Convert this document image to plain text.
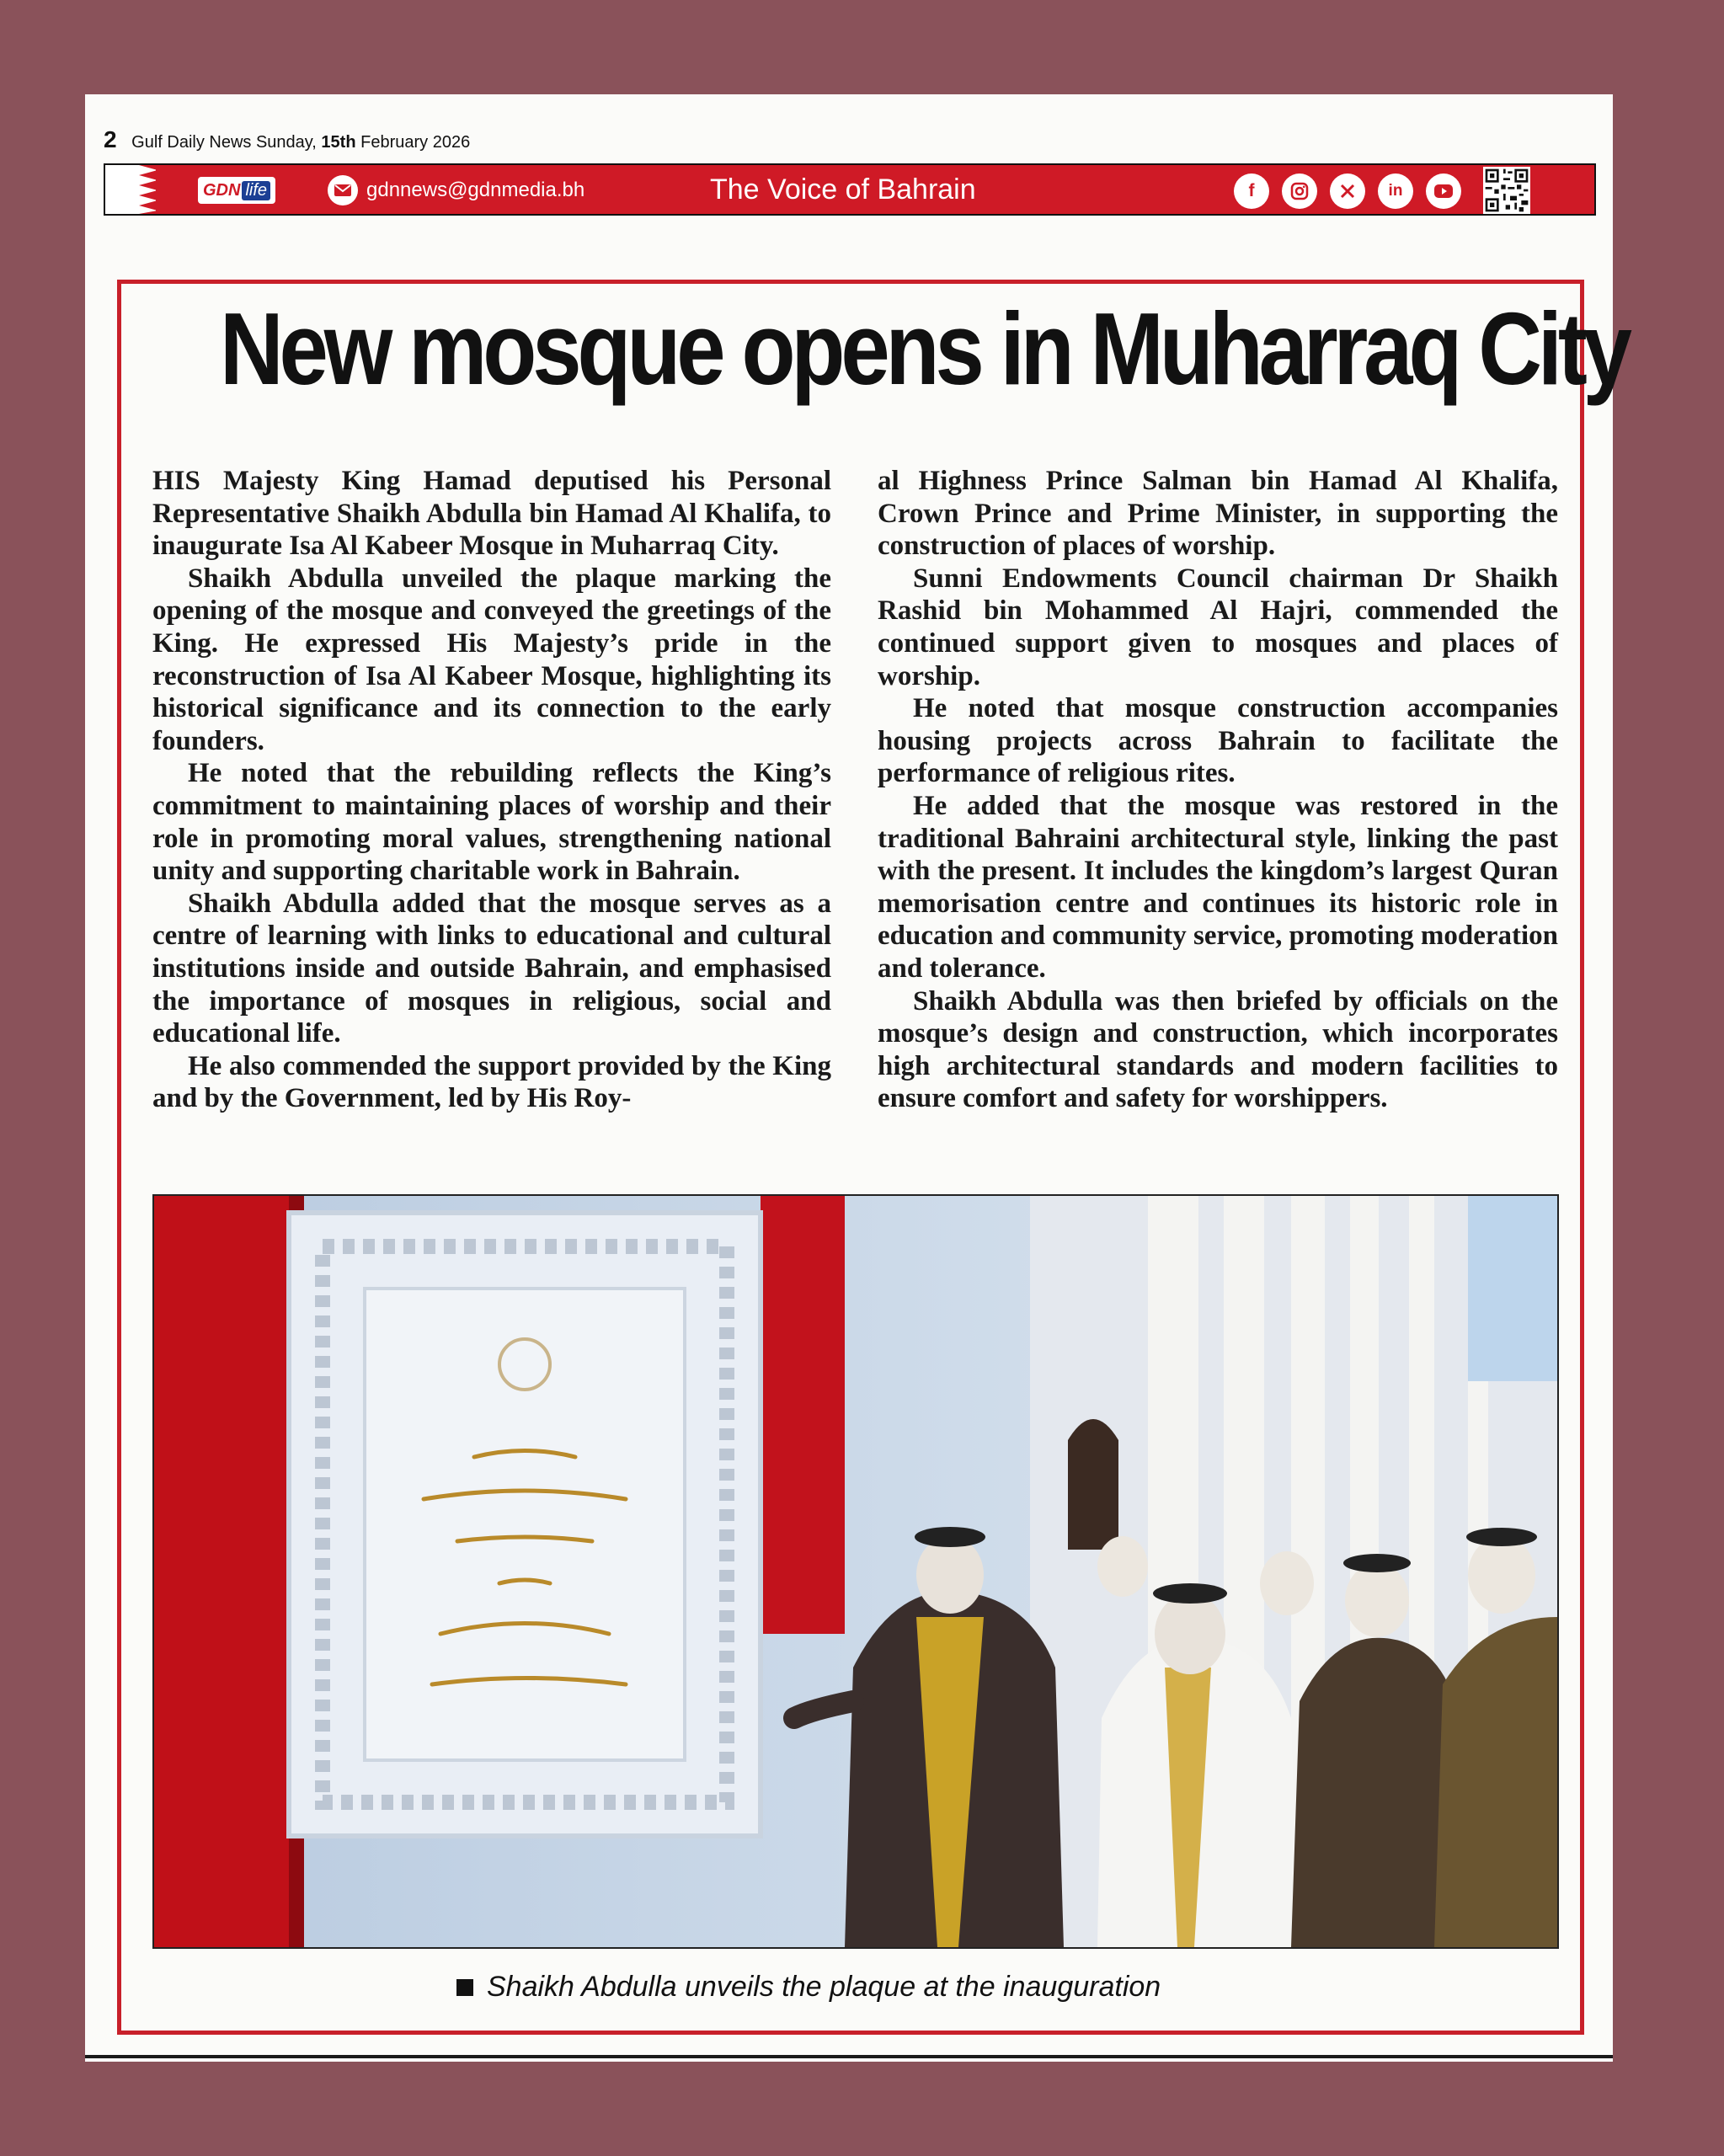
2 Gulf Daily News Sunday, 15th February 2026
GDN life	gdnnews@gdnmedia.bh	The Voice of Bahrain	f	in
New mosque opens in Muharraq City

HIS Majesty King Hamad deputised his Personal Representative Shaikh Abdulla bin Hamad Al Khalifa, to inaugurate Isa Al Kabeer Mosque in Muharraq City.

Shaikh Abdulla unveiled the plaque marking the opening of the mosque and conveyed the greetings of the King. He expressed His Majesty’s pride in the reconstruction of Isa Al Kabeer Mosque, highlighting its historical significance and its connection to the early founders.

He noted that the rebuilding reflects the King’s commitment to maintaining places of worship and their role in promoting moral values, strengthening national unity and supporting charitable work in Bahrain.

Shaikh Abdulla added that the mosque serves as a centre of learning with links to educational and cultural institutions inside and outside Bahrain, and emphasised the importance of mosques in religious, social and educational life.

He also commended the support provided by the King and by the Government, led by His Roy-

al Highness Prince Salman bin Hamad Al Khalifa, Crown Prince and Prime Minister, in supporting the construction of places of worship.

Sunni Endowments Council chairman Dr Shaikh Rashid bin Mohammed Al Hajri, commended the continued support given to mosques and places of worship.

He noted that mosque construction accompanies housing projects across Bahrain to facilitate the performance of religious rites.

He added that the mosque was restored in the traditional Bahraini architectural style, linking the past with the present. It includes the kingdom’s largest Quran memorisation centre and continues its historic role in education and community service, promoting moderation and tolerance.

Shaikh Abdulla was then briefed by officials on the mosque’s design and construction, which incorporates high architectural standards and modern facilities to ensure comfort and safety for worshippers.

Shaikh Abdulla unveils the plaque at the inauguration
